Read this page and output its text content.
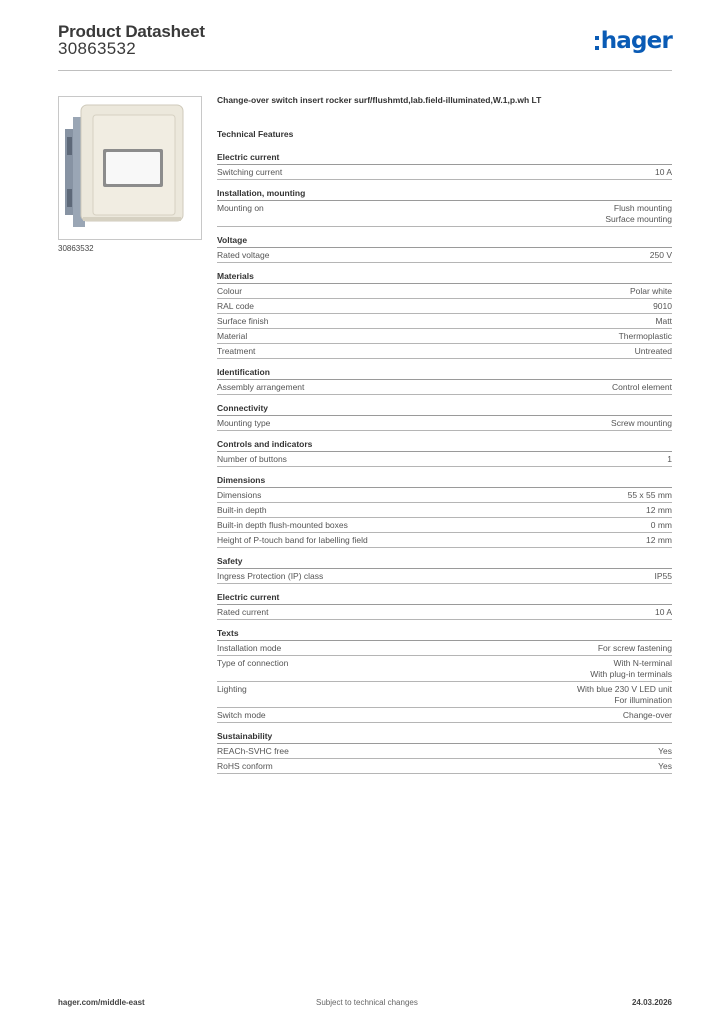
Product Datasheet
30863532	hager
30863532
Change-over switch insert rocker surf/flushmtd,lab.field-illuminated,W.1,p.wh LT
Technical Features
Electric current
Switching current	10 A
Installation, mounting
Mounting on	Flush mounting
Surface mounting
Voltage
Rated voltage	250 V
Materials
Colour	Polar white
RAL code	9010
Surface finish	Matt
Material	Thermoplastic
Treatment	Untreated
Identification
Assembly arrangement	Control element
Connectivity
Mounting type	Screw mounting
Controls and indicators
Number of buttons	1
Dimensions
Dimensions	55 x 55 mm
Built-in depth	12 mm
Built-in depth flush-mounted boxes	0 mm
Height of P-touch band for labelling field	12 mm
Safety
Ingress Protection (IP) class	IP55
Electric current
Rated current	10 A
Texts
Installation mode	For screw fastening
Type of connection	With N-terminal
With plug-in terminals
Lighting	With blue 230 V LED unit
For illumination
Switch mode	Change-over
Sustainability
REACh-SVHC free	Yes
RoHS conform	Yes
hager.com/middle-east	Subject to technical changes	24.03.2026
